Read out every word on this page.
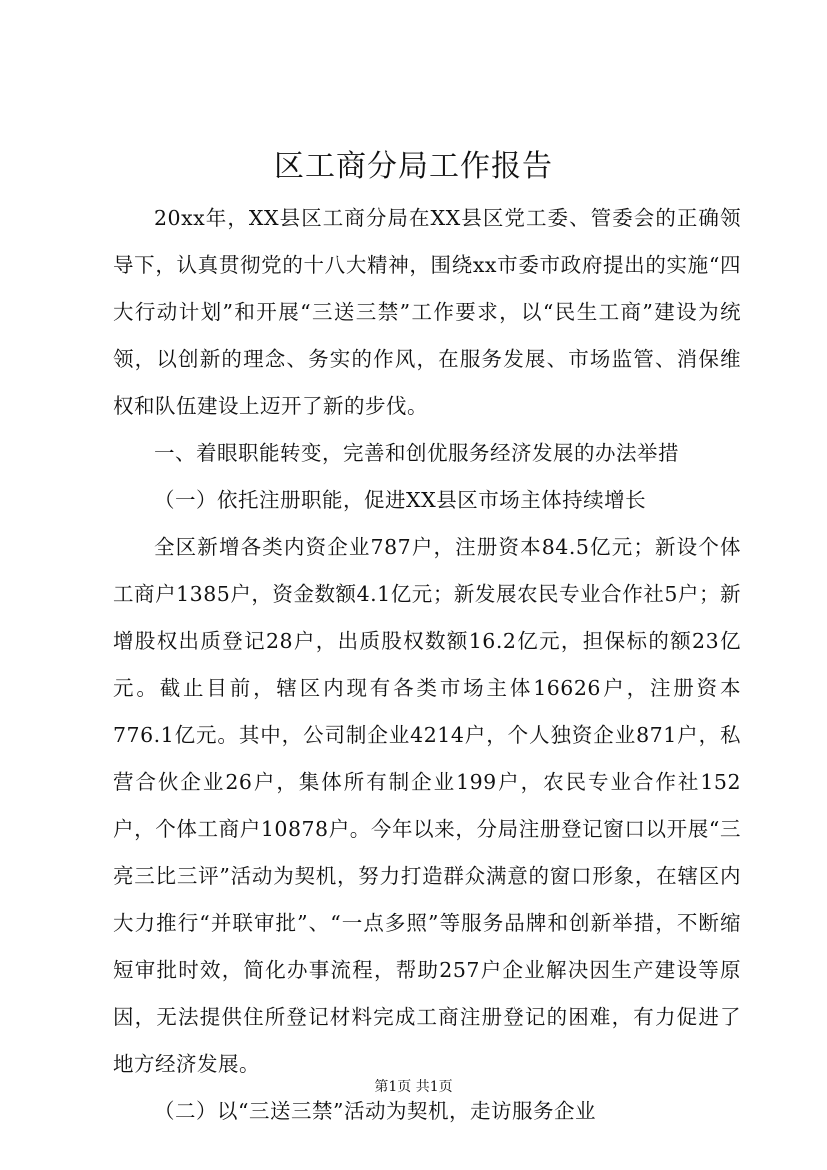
区工商分局工作报告

20xx年，XX县区工商分局在XX县区党工委、管委会的正确领导下，认真贯彻党的十八大精神，围绕xx市委市政府提出的实施“四大行动计划”和开展“三送三禁”工作要求，以“民生工商”建设为统领，以创新的理念、务实的作风，在服务发展、市场监管、消保维权和队伍建设上迈开了新的步伐。

一、着眼职能转变，完善和创优服务经济发展的办法举措

（一）依托注册职能，促进XX县区市场主体持续增长

全区新增各类内资企业787户，注册资本84.5亿元；新设个体工商户1385户，资金数额4.1亿元；新发展农民专业合作社5户；新增股权出质登记28户，出质股权数额16.2亿元，担保标的额23亿元。截止目前，辖区内现有各类市场主体16626户，注册资本776.1亿元。其中，公司制企业4214户，个人独资企业871户，私营合伙企业26户，集体所有制企业199户，农民专业合作社152户，个体工商户10878户。今年以来，分局注册登记窗口以开展“三亮三比三评”活动为契机，努力打造群众满意的窗口形象，在辖区内大力推行“并联审批”、“一点多照”等服务品牌和创新举措，不断缩短审批时效，简化办事流程，帮助257户企业解决因生产建设等原因，无法提供住所登记材料完成工商注册登记的困难，有力促进了地方经济发展。

（二）以“三送三禁”活动为契机，走访服务企业

第1页 共1页
